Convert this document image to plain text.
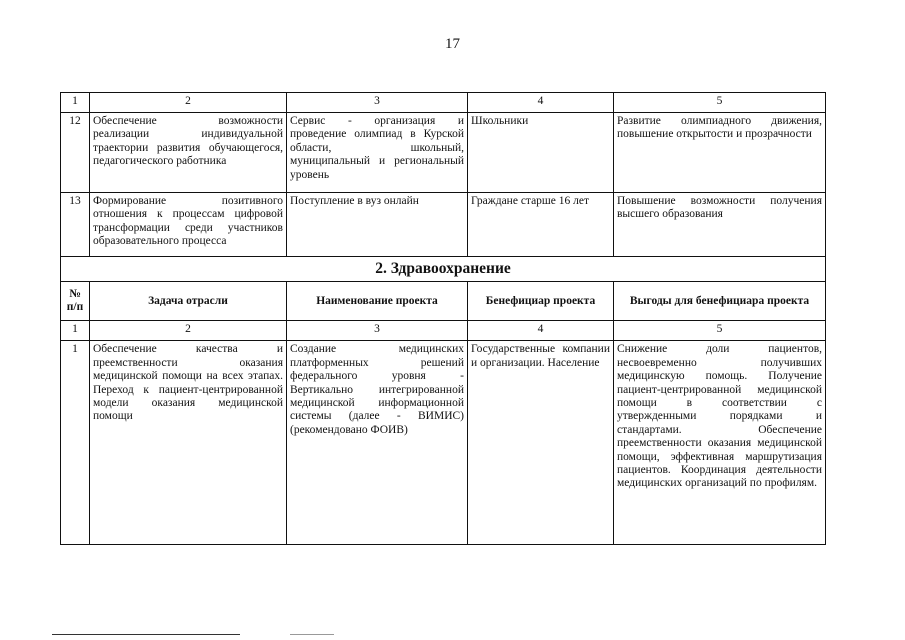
17
1	2	3	4	5
12	Обеспечение возможности реализации индивидуальной траектории развития обучающегося, педагогического работника	Сервис - организация и проведение олимпиад в Курской области, школьный, муниципальный и региональный уровень	Школьники	Развитие олимпиадного движения, повышение открытости и прозрачности
13	Формирование позитивного отношения к процессам цифровой трансформации среди участников образовательного процесса	Поступление в вуз онлайн	Граждане старше 16 лет	Повышение возможности получения высшего образования
2. Здравоохранение				
№ п/п	Задача отрасли	Наименование проекта	Бенефициар проекта	Выгоды для бенефициара проекта
1	2	3	4	5
1	Обеспечение качества и преемственности оказания медицинской помощи на всех этапах. Переход к пациент-центрированной модели оказания медицинской помощи	Создание медицинских платформенных решений федерального уровня - Вертикально интегрированной медицинской информационной системы (далее - ВИМИС) (рекомендовано ФОИВ)	Государственные компании и организации. Население	Снижение доли пациентов, несвоевременно получивших медицинскую помощь. Получение пациент-центрированной медицинской помощи в соответствии с утвержденными порядками и стандартами. Обеспечение преемственности оказания медицинской помощи, эффективная маршрутизация пациентов. Координация деятельности медицинских организаций по профилям.
